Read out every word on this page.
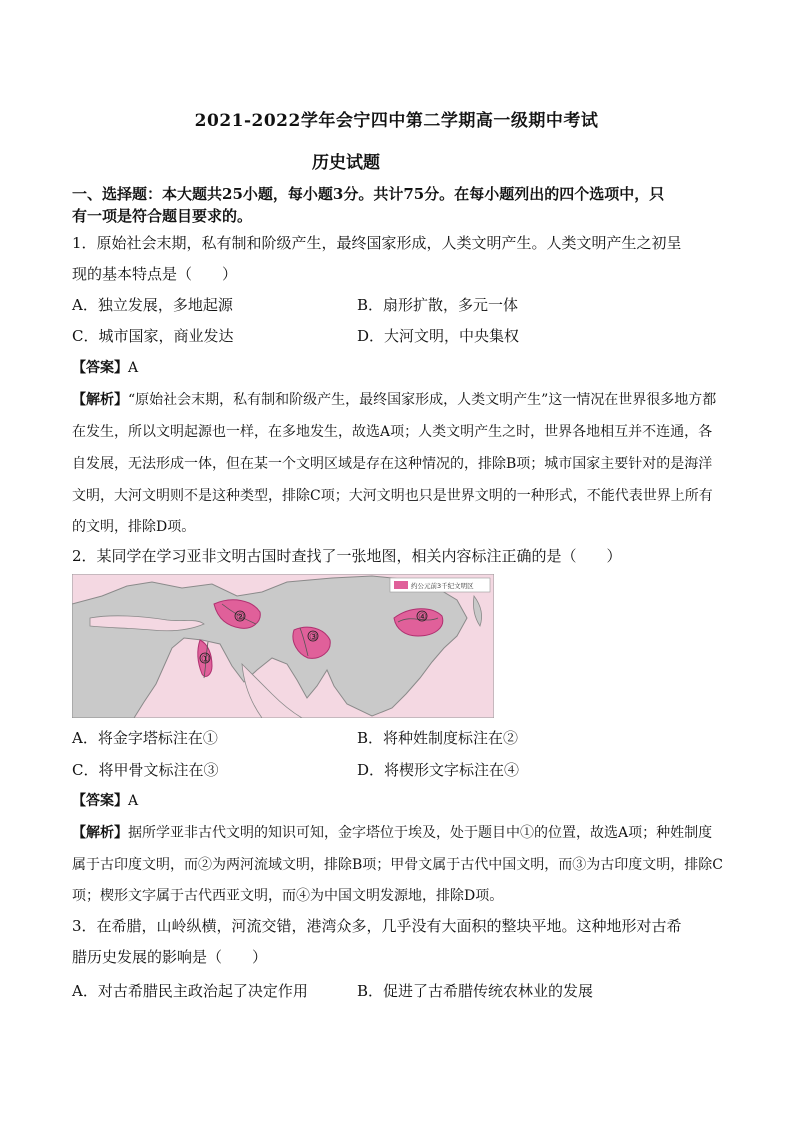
2021-2022学年会宁四中第二学期高一级期中考试
历史试题
一、选择题：本大题共25小题，每小题3分。共计75分。在每小题列出的四个选项中，只
有一项是符合题目要求的。
1．原始社会末期，私有制和阶级产生，最终国家形成，人类文明产生。人类文明产生之初呈
现的基本特点是（　　）
A．独立发展，多地起源	B．扇形扩散，多元一体
C．城市国家，商业发达	D．大河文明，中央集权
【答案】A
【解析】“原始社会末期，私有制和阶级产生，最终国家形成，人类文明产生”这一情况在世界很多地方都
在发生，所以文明起源也一样，在多地发生，故选A项；人类文明产生之时，世界各地相互并不连通，各
自发展，无法形成一体，但在某一个文明区域是存在这种情况的，排除B项；城市国家主要针对的是海洋
文明，大河文明则不是这种类型，排除C项；大河文明也只是世界文明的一种形式，不能代表世界上所有
的文明，排除D项。
2．某同学在学习亚非文明古国时查找了一张地图，相关内容标注正确的是（　　）
①
②
③
④
约公元前3千纪文明区
A．将金字塔标注在①	B．将种姓制度标注在②
C．将甲骨文标注在③	D．将楔形文字标注在④
【答案】A
【解析】据所学亚非古代文明的知识可知，金字塔位于埃及，处于题目中①的位置，故选A项；种姓制度
属于古印度文明，而②为两河流域文明，排除B项；甲骨文属于古代中国文明，而③为古印度文明，排除C
项；楔形文字属于古代西亚文明，而④为中国文明发源地，排除D项。
3．在希腊，山岭纵横，河流交错，港湾众多，几乎没有大面积的整块平地。这种地形对古希
腊历史发展的影响是（　　）
A．对古希腊民主政治起了决定作用	B．促进了古希腊传统农林业的发展
